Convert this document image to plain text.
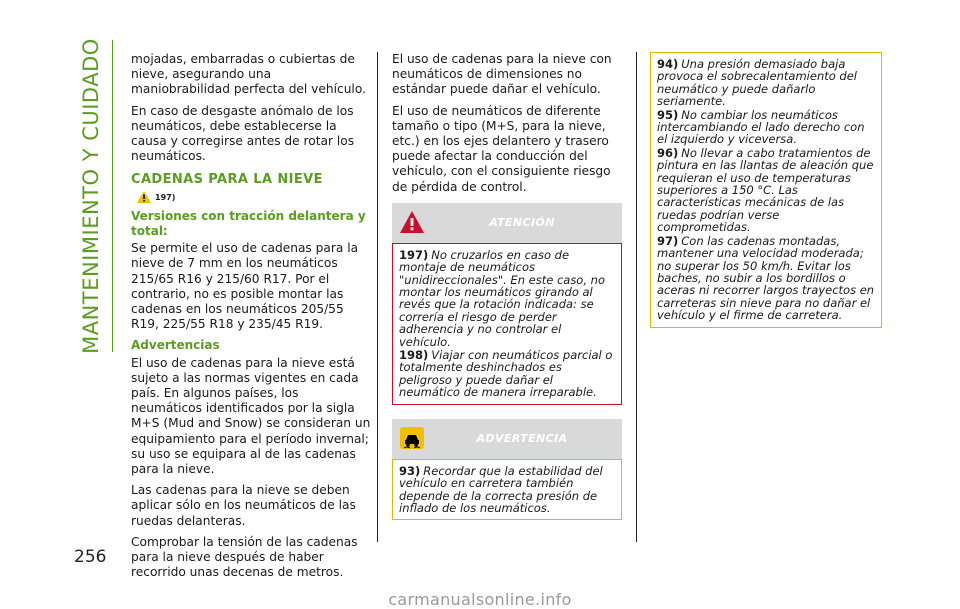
MANTENIMIENTO Y CUIDADO
256

mojadas, embarradas o cubiertas de nieve, asegurando una maniobrabilidad perfecta del vehículo.

En caso de desgaste anómalo de los neumáticos, debe establecerse la causa y corregirse antes de rotar los neumáticos.

CADENAS PARA LA NIEVE
197)
Versiones con tracción delantera y total:

Se permite el uso de cadenas para la nieve de 7 mm en los neumáticos 215/65 R16 y 215/60 R17. Por el contrario, no es posible montar las cadenas en los neumáticos 205/55 R19, 225/55 R18 y 235/45 R19.

Advertencias

El uso de cadenas para la nieve está sujeto a las normas vigentes en cada país. En algunos países, los neumáticos identificados por la sigla M+S (Mud and Snow) se consideran un equipamiento para el período invernal; su uso se equipara al de las cadenas para la nieve.

Las cadenas para la nieve se deben aplicar sólo en los neumáticos de las ruedas delanteras.

Comprobar la tensión de las cadenas para la nieve después de haber recorrido unas decenas de metros.

El uso de cadenas para la nieve con neumáticos de dimensiones no estándar puede dañar el vehículo.

El uso de neumáticos de diferente tamaño o tipo (M+S, para la nieve, etc.) en los ejes delantero y trasero puede afectar la conducción del vehículo, con el consiguiente riesgo de pérdida de control.

ATENCIÓN
197) No cruzarlos en caso de montaje de neumáticos "unidireccionales". En este caso, no montar los neumáticos girando al revés que la rotación indicada: se correría el riesgo de perder adherencia y no controlar el vehículo.
198) Viajar con neumáticos parcial o totalmente deshinchados es peligroso y puede dañar el neumático de manera irreparable.
ADVERTENCIA
93) Recordar que la estabilidad del vehículo en carretera también depende de la correcta presión de inflado de los neumáticos.
94) Una presión demasiado baja provoca el sobrecalentamiento del neumático y puede dañarlo seriamente.
95) No cambiar los neumáticos intercambiando el lado derecho con el izquierdo y viceversa.
96) No llevar a cabo tratamientos de pintura en las llantas de aleación que requieran el uso de temperaturas superiores a 150 °C. Las características mecánicas de las ruedas podrían verse comprometidas.
97) Con las cadenas montadas, mantener una velocidad moderada; no superar los 50 km/h. Evitar los baches, no subir a los bordillos o aceras ni recorrer largos trayectos en carreteras sin nieve para no dañar el vehículo y el firme de carretera.
carmanualsonline.info
